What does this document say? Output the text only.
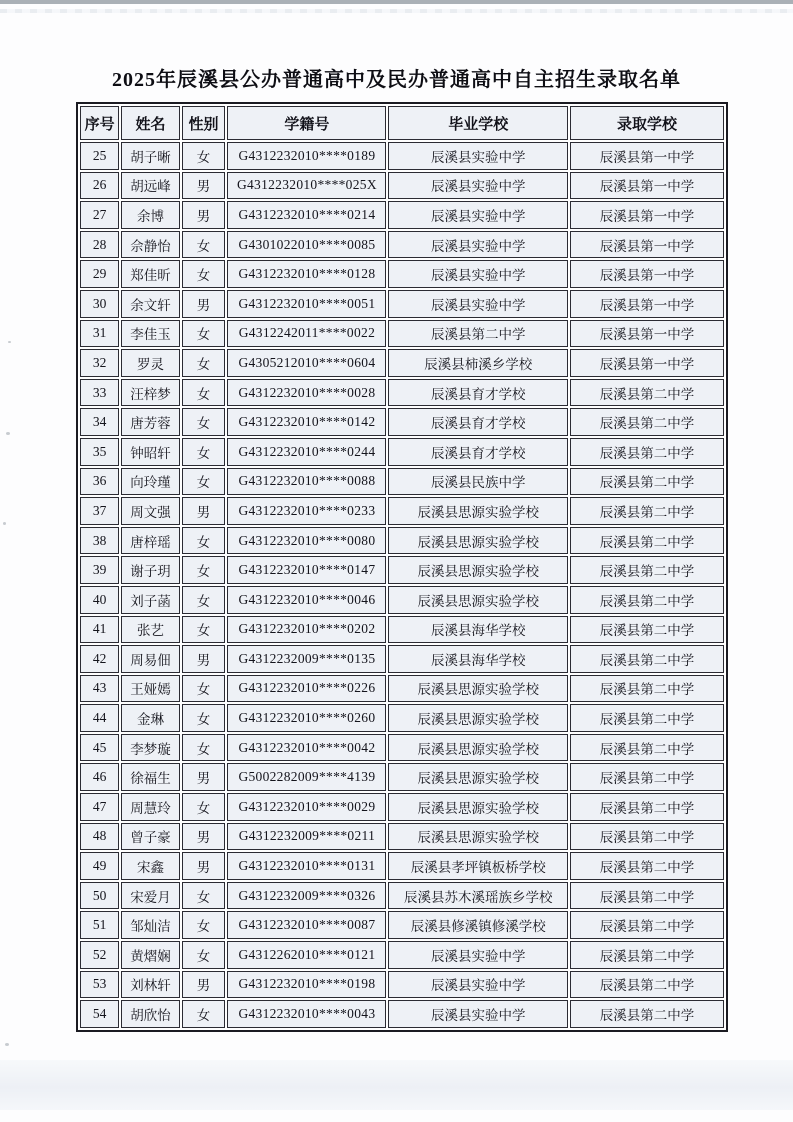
2025年辰溪县公办普通高中及民办普通高中自主招生录取名单
序号	姓名	性别	学籍号	毕业学校	录取学校
25	胡子晰	女	G4312232010****0189	辰溪县实验中学	辰溪县第一中学
26	胡远峰	男	G4312232010****025X	辰溪县实验中学	辰溪县第一中学
27	余博	男	G4312232010****0214	辰溪县实验中学	辰溪县第一中学
28	佘静怡	女	G4301022010****0085	辰溪县实验中学	辰溪县第一中学
29	郑佳昕	女	G4312232010****0128	辰溪县实验中学	辰溪县第一中学
30	余文轩	男	G4312232010****0051	辰溪县实验中学	辰溪县第一中学
31	李佳玉	女	G4312242011****0022	辰溪县第二中学	辰溪县第一中学
32	罗灵	女	G4305212010****0604	辰溪县柿溪乡学校	辰溪县第一中学
33	汪梓梦	女	G4312232010****0028	辰溪县育才学校	辰溪县第二中学
34	唐芳蓉	女	G4312232010****0142	辰溪县育才学校	辰溪县第二中学
35	钟昭轩	女	G4312232010****0244	辰溪县育才学校	辰溪县第二中学
36	向玲瑾	女	G4312232010****0088	辰溪县民族中学	辰溪县第二中学
37	周文强	男	G4312232010****0233	辰溪县思源实验学校	辰溪县第二中学
38	唐梓瑶	女	G4312232010****0080	辰溪县思源实验学校	辰溪县第二中学
39	谢子玥	女	G4312232010****0147	辰溪县思源实验学校	辰溪县第二中学
40	刘子菡	女	G4312232010****0046	辰溪县思源实验学校	辰溪县第二中学
41	张艺	女	G4312232010****0202	辰溪县海华学校	辰溪县第二中学
42	周易佃	男	G4312232009****0135	辰溪县海华学校	辰溪县第二中学
43	王娅嫣	女	G4312232010****0226	辰溪县思源实验学校	辰溪县第二中学
44	金琳	女	G4312232010****0260	辰溪县思源实验学校	辰溪县第二中学
45	李梦璇	女	G4312232010****0042	辰溪县思源实验学校	辰溪县第二中学
46	徐福生	男	G5002282009****4139	辰溪县思源实验学校	辰溪县第二中学
47	周慧玲	女	G4312232010****0029	辰溪县思源实验学校	辰溪县第二中学
48	曾子豪	男	G4312232009****0211	辰溪县思源实验学校	辰溪县第二中学
49	宋鑫	男	G4312232010****0131	辰溪县孝坪镇板桥学校	辰溪县第二中学
50	宋爱月	女	G4312232009****0326	辰溪县苏木溪瑶族乡学校	辰溪县第二中学
51	邹灿洁	女	G4312232010****0087	辰溪县修溪镇修溪学校	辰溪县第二中学
52	黄熠娴	女	G4312262010****0121	辰溪县实验中学	辰溪县第二中学
53	刘林轩	男	G4312232010****0198	辰溪县实验中学	辰溪县第二中学
54	胡欣怡	女	G4312232010****0043	辰溪县实验中学	辰溪县第二中学
